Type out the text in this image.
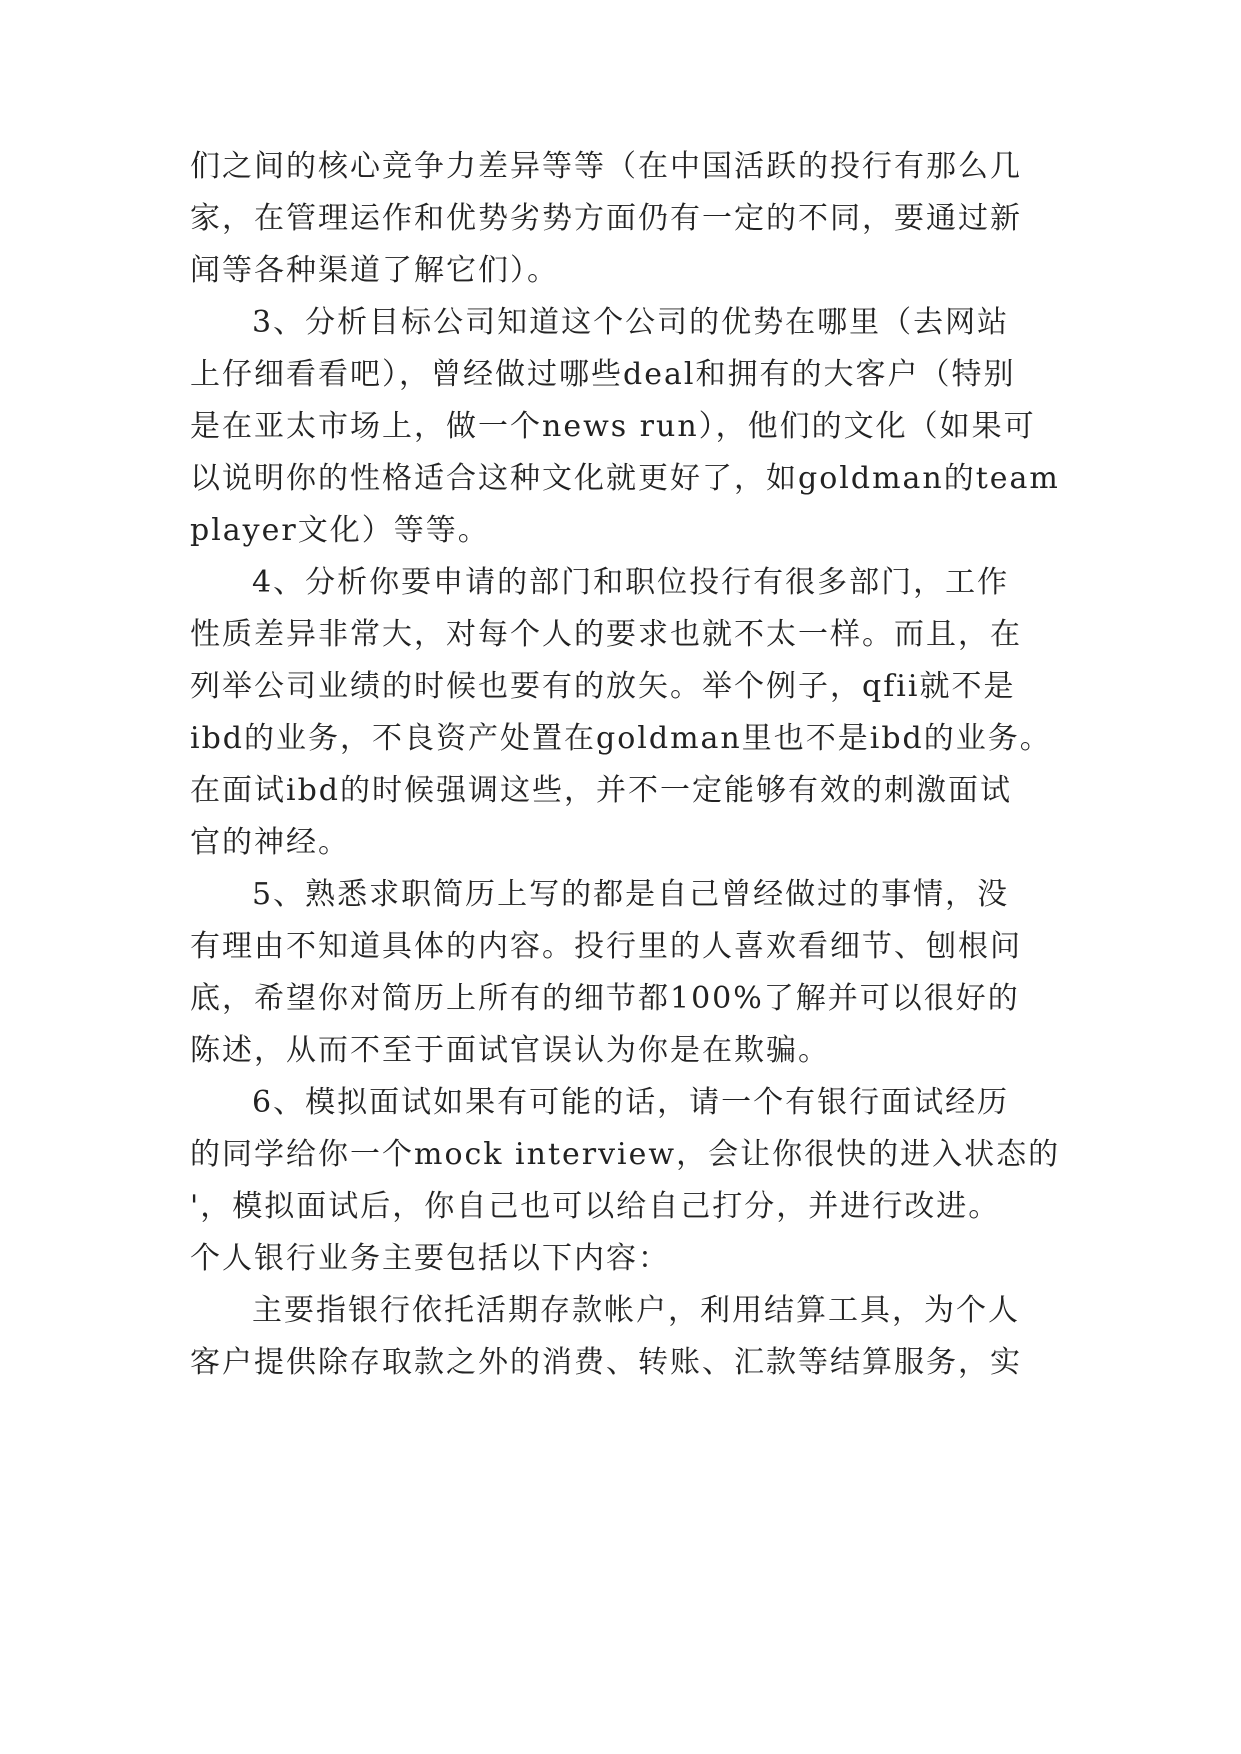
们之间的核心竞争力差异等等（在中国活跃的投行有那么几
家，在管理运作和优势劣势方面仍有一定的不同，要通过新
闻等各种渠道了解它们）。
3、分析目标公司知道这个公司的优势在哪里（去网站
上仔细看看吧），曾经做过哪些deal和拥有的大客户（特别
是在亚太市场上，做一个news run），他们的文化（如果可
以说明你的性格适合这种文化就更好了，如goldman的team
player文化）等等。
4、分析你要申请的部门和职位投行有很多部门，工作
性质差异非常大，对每个人的要求也就不太一样。而且，在
列举公司业绩的时候也要有的放矢。举个例子，qfii就不是
ibd的业务，不良资产处置在goldman里也不是ibd的业务。
在面试ibd的时候强调这些，并不一定能够有效的刺激面试
官的神经。
5、熟悉求职简历上写的都是自己曾经做过的事情，没
有理由不知道具体的内容。投行里的人喜欢看细节、刨根问
底，希望你对简历上所有的细节都100%了解并可以很好的
陈述，从而不至于面试官误认为你是在欺骗。
6、模拟面试如果有可能的话，请一个有银行面试经历
的同学给你一个mock interview，会让你很快的进入状态的
'，模拟面试后，你自己也可以给自己打分，并进行改进。
个人银行业务主要包括以下内容：
主要指银行依托活期存款帐户，利用结算工具，为个人
客户提供除存取款之外的消费、转账、汇款等结算服务，实
